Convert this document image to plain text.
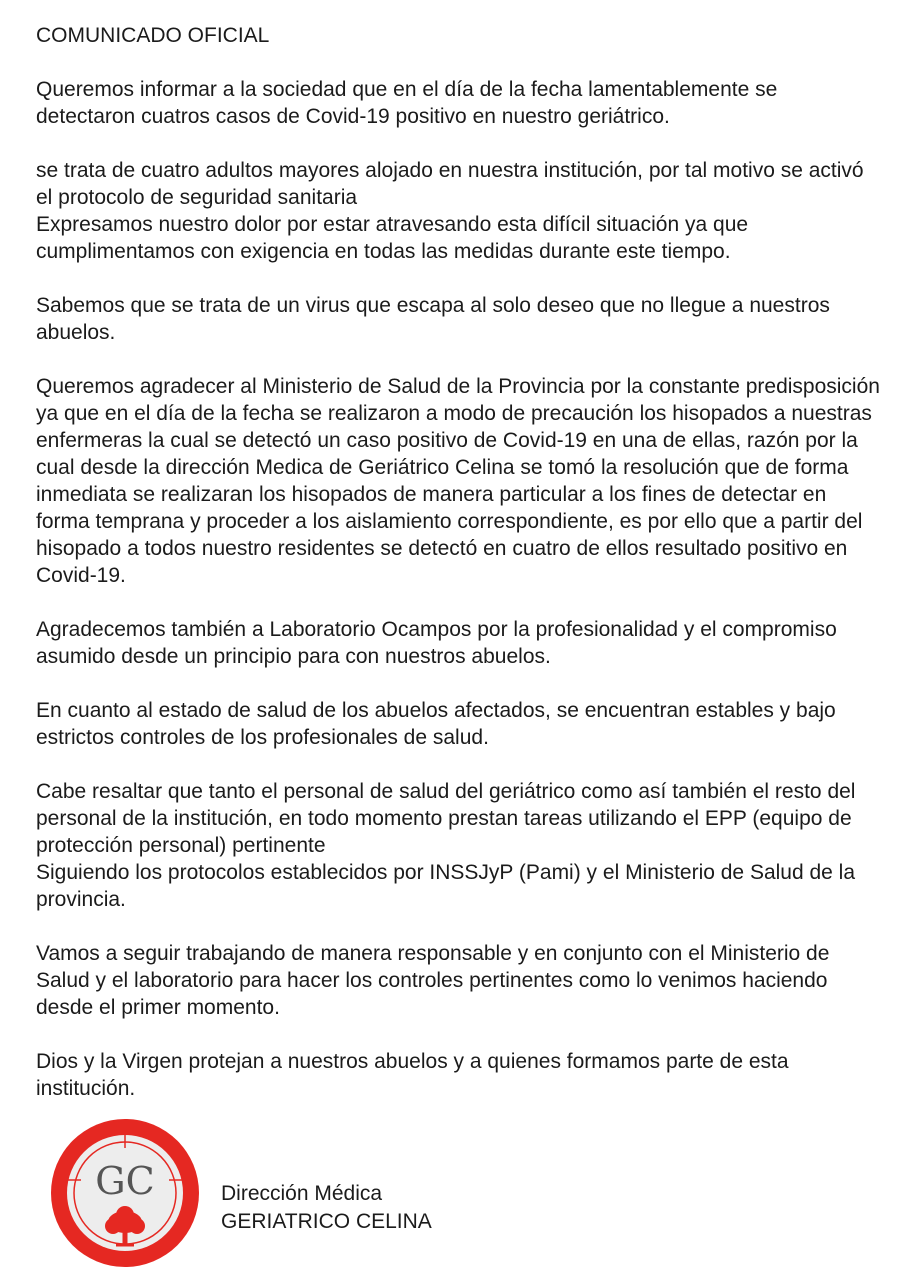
COMUNICADO OFICIAL

Queremos informar a la sociedad que en el día de la fecha lamentablemente se detectaron cuatros casos de Covid-19 positivo en nuestro geriátrico.

se trata de cuatro adultos mayores alojado en nuestra institución, por tal motivo se activó el protocolo de seguridad sanitaria
Expresamos nuestro dolor por estar atravesando esta difícil situación ya que cumplimentamos con exigencia en todas las medidas durante este tiempo.

Sabemos que se trata de un virus que escapa al solo deseo que no llegue a nuestros abuelos.

Queremos agradecer al Ministerio de Salud de la Provincia por la constante predisposición ya que en el día de la fecha se realizaron a modo de precaución los hisopados a nuestras enfermeras la cual se detectó un caso positivo de Covid-19 en una de ellas, razón por la cual desde la dirección Medica de Geriátrico Celina se tomó la resolución que de forma inmediata se realizaran los hisopados de manera particular a los fines de detectar en forma temprana y proceder a los aislamiento correspondiente, es por ello que a partir del hisopado a todos nuestro residentes se detectó en cuatro de ellos resultado positivo en Covid-19.

Agradecemos también a Laboratorio Ocampos por la profesionalidad y el compromiso asumido desde un principio para con nuestros abuelos.

En cuanto al estado de salud de los abuelos afectados, se encuentran estables y bajo estrictos controles de los profesionales de salud.

Cabe resaltar que tanto el personal de salud del geriátrico como así también el resto del personal de la institución, en todo momento prestan tareas utilizando el EPP (equipo de protección personal) pertinente
Siguiendo los protocolos establecidos por INSSJyP (Pami) y el Ministerio de Salud de la provincia.

Vamos a seguir trabajando de manera responsable y en conjunto con el Ministerio de Salud y el laboratorio para hacer los controles pertinentes como lo venimos haciendo desde el primer momento.

Dios y la Virgen protejan a nuestros abuelos y a quienes formamos parte de esta institución.

GC	Dirección Médica
GERIATRICO CELINA
